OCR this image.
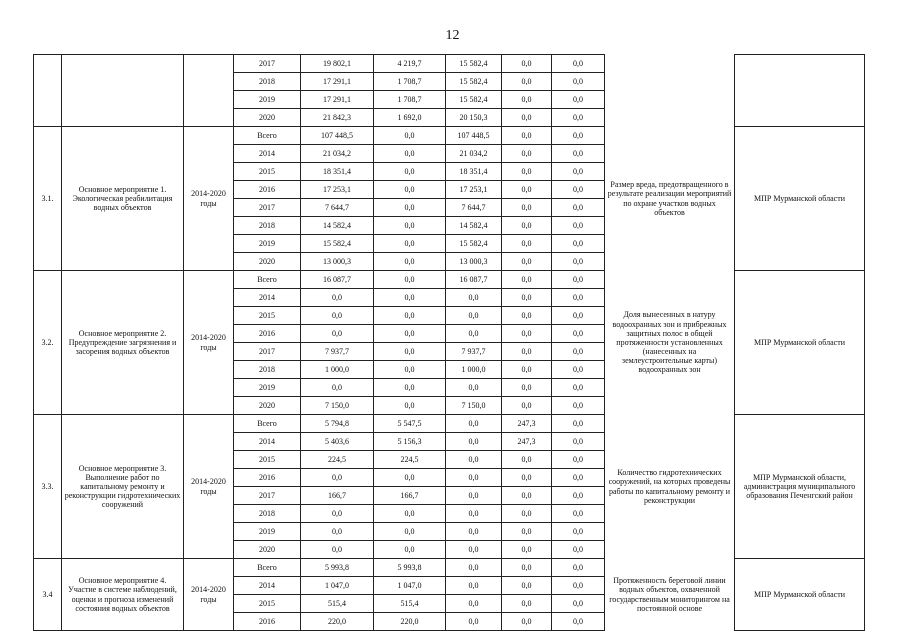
12
			2017	19 802,1	4 219,7	15 582,4	0,0	0,0		
			2018	17 291,1	1 708,7	15 582,4	0,0	0,0		
			2019	17 291,1	1 708,7	15 582,4	0,0	0,0		
			2020	21 842,3	1 692,0	20 150,3	0,0	0,0		
3.1.	Основное мероприятие 1. Экологическая реабилитация водных объектов	2014-2020 годы	Всего	107 448,5	0,0	107 448,5	0,0	0,0	Размер вреда, предотвращенного в результате реализации мероприятий по охране участков водных объектов	МПР Мурманской области
			2014	21 034,2	0,0	21 034,2	0,0	0,0		
			2015	18 351,4	0,0	18 351,4	0,0	0,0		
			2016	17 253,1	0,0	17 253,1	0,0	0,0		
			2017	7 644,7	0,0	7 644,7	0,0	0,0		
			2018	14 582,4	0,0	14 582,4	0,0	0,0		
			2019	15 582,4	0,0	15 582,4	0,0	0,0		
			2020	13 000,3	0,0	13 000,3	0,0	0,0		
3.2.	Основное мероприятие 2. Предупреждение загрязнения и засорения водных объектов	2014-2020 годы	Всего	16 087,7	0,0	16 087,7	0,0	0,0	Доля вынесенных в натуру водоохранных зон и прибрежных защитных полос в общей протяженности установленных (нанесенных на землеустроительные карты) водоохранных зон	МПР Мурманской области
			2014	0,0	0,0	0,0	0,0	0,0		
			2015	0,0	0,0	0,0	0,0	0,0		
			2016	0,0	0,0	0,0	0,0	0,0		
			2017	7 937,7	0,0	7 937,7	0,0	0,0		
			2018	1 000,0	0,0	1 000,0	0,0	0,0		
			2019	0,0	0,0	0,0	0,0	0,0		
			2020	7 150,0	0,0	7 150,0	0,0	0,0		
3.3.	Основное мероприятие 3. Выполнение работ по капитальному ремонту и реконструкции гидротехнических сооружений	2014-2020 годы	Всего	5 794,8	5 547,5	0,0	247,3	0,0	Количество гидротехнических сооружений, на которых проведены работы по капитальному ремонту и реконструкции	МПР Мурманской области, администрация муниципального образования Печенгский район
			2014	5 403,6	5 156,3	0,0	247,3	0,0		
			2015	224,5	224,5	0,0	0,0	0,0		
			2016	0,0	0,0	0,0	0,0	0,0		
			2017	166,7	166,7	0,0	0,0	0,0		
			2018	0,0	0,0	0,0	0,0	0,0		
			2019	0,0	0,0	0,0	0,0	0,0		
			2020	0,0	0,0	0,0	0,0	0,0		
3.4	Основное мероприятие 4. Участие в системе наблюдений, оценки и прогноза изменений состояния водных объектов	2014-2020 годы	Всего	5 993,8	5 993,8	0,0	0,0	0,0	Протяженность береговой линии водных объектов, охваченной государственным мониторингом на постоянной основе	МПР Мурманской области
			2014	1 047,0	1 047,0	0,0	0,0	0,0		
			2015	515,4	515,4	0,0	0,0	0,0		
			2016	220,0	220,0	0,0	0,0	0,0		
